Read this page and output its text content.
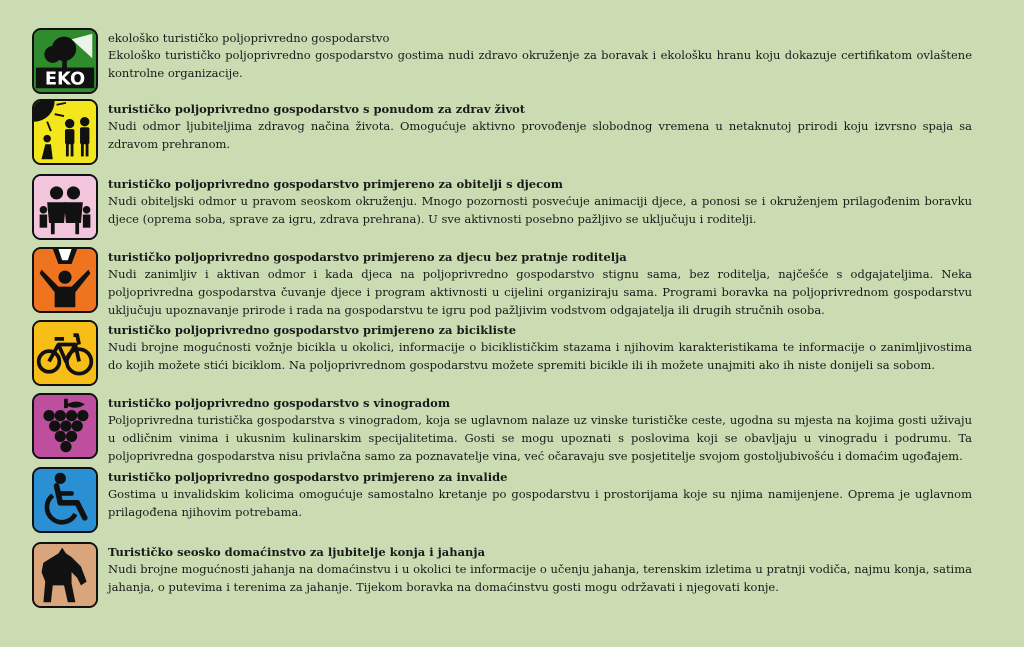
EKO

ekološko turističko poljoprivredno gospodarstvo

Ekološko turističko poljoprivredno gospodarstvo gostima nudi zdravo okruženje za boravak i ekološku hranu koju dokazuje certifikatom ovlaštene kontrolne organizacije.

turističko poljoprivredno gospodarstvo s ponudom za zdrav život

Nudi odmor ljubiteljima zdravog načina života. Omogućuje aktivno provođenje slobodnog vremena u netaknutoj prirodi koju izvrsno spaja sa zdravom prehranom.

turističko poljoprivredno gospodarstvo primjereno za obitelji s djecom

Nudi obiteljski odmor u pravom seoskom okruženju. Mnogo pozornosti posvećuje animaciji djece, a ponosi se i okruženjem prilagođenim boravku djece (oprema soba, sprave za igru, zdrava prehrana). U sve aktivnosti posebno pažljivo se uključuju i roditelji.

turističko poljoprivredno gospodarstvo primjereno za djecu bez pratnje roditelja

Nudi zanimljiv i aktivan odmor i kada djeca na poljoprivredno gospodarstvo stignu sama, bez roditelja, najčešće s odgajateljima. Neka poljoprivredna gospodarstva čuvanje djece i program aktivnosti u cijelini organiziraju sama. Programi boravka na poljoprivrednom gospodarstvu uključuju upoznavanje prirode i rada na gospodarstvu te igru pod pažljivim vodstvom odgajatelja ili drugih stručnih osoba.

turističko poljoprivredno gospodarstvo primjereno za bicikliste

Nudi brojne mogućnosti vožnje bicikla u okolici, informacije o biciklističkim stazama i njihovim karakteristikama te informacije o zanimljivostima do kojih možete stići biciklom. Na poljoprivrednom gospodarstvu možete spremiti bicikle ili ih možete unajmiti ako ih niste donijeli sa sobom.

turističko poljoprivredno gospodarstvo s vinogradom

Poljoprivredna turistička gospodarstva s vinogradom, koja se uglavnom nalaze uz vinske turističke ceste, ugodna su mjesta na kojima gosti uživaju u odličnim vinima i ukusnim kulinarskim specijalitetima. Gosti se mogu upoznati s poslovima koji se obavljaju u vinogradu i podrumu. Ta poljoprivredna gospodarstva nisu privlačna samo za poznavatelje vina, već očaravaju sve posjetitelje svojom gostoljubivošću i domaćim ugođajem.

turističko poljoprivredno gospodarstvo primjereno za invalide

Gostima u invalidskim kolicima omogućuje samostalno kretanje po gospodarstvu i prostorijama koje su njima namijenjene. Oprema je uglavnom prilagođena njihovim potrebama.

Turističko seosko domaćinstvo za ljubitelje konja i jahanja

Nudi brojne mogućnosti jahanja na domaćinstvu i u okolici te informacije o učenju jahanja, terenskim izletima u pratnji vodiča, najmu konja, satima jahanja, o putevima i terenima za jahanje. Tijekom boravka na domaćinstvu gosti mogu održavati i njegovati konje.
